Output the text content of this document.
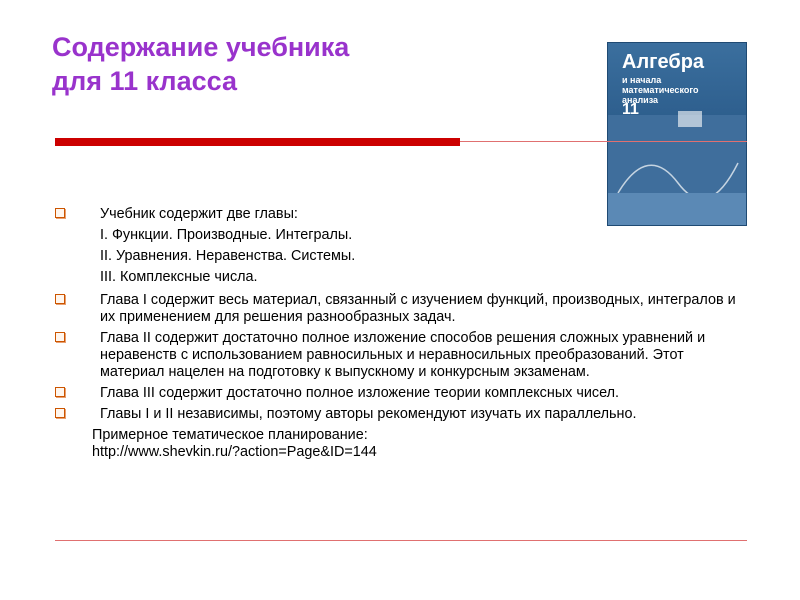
Содержание учебника
для 11 класса
Алгебра
и начала математического анализа
11
Учебник содержит две главы:
I. Функции. Производные. Интегралы.
II. Уравнения. Неравенства. Системы.
III. Комплексные числа.
Глава I содержит весь материал, связанный с изучением функций, производных, интегралов и их применением для решения разнообразных задач.
Глава II содержит достаточно полное изложение способов решения сложных уравнений и неравенств с использованием равносильных и неравносильных преобразований. Этот материал нацелен на подготовку к выпускному и конкурсным экзаменам.
Глава III содержит достаточно полное изложение теории комплексных чисел.
Главы I и II независимы, поэтому авторы рекомендуют изучать их параллельно.
Примерное тематическое планирование:
http://www.shevkin.ru/?action=Page&ID=144
